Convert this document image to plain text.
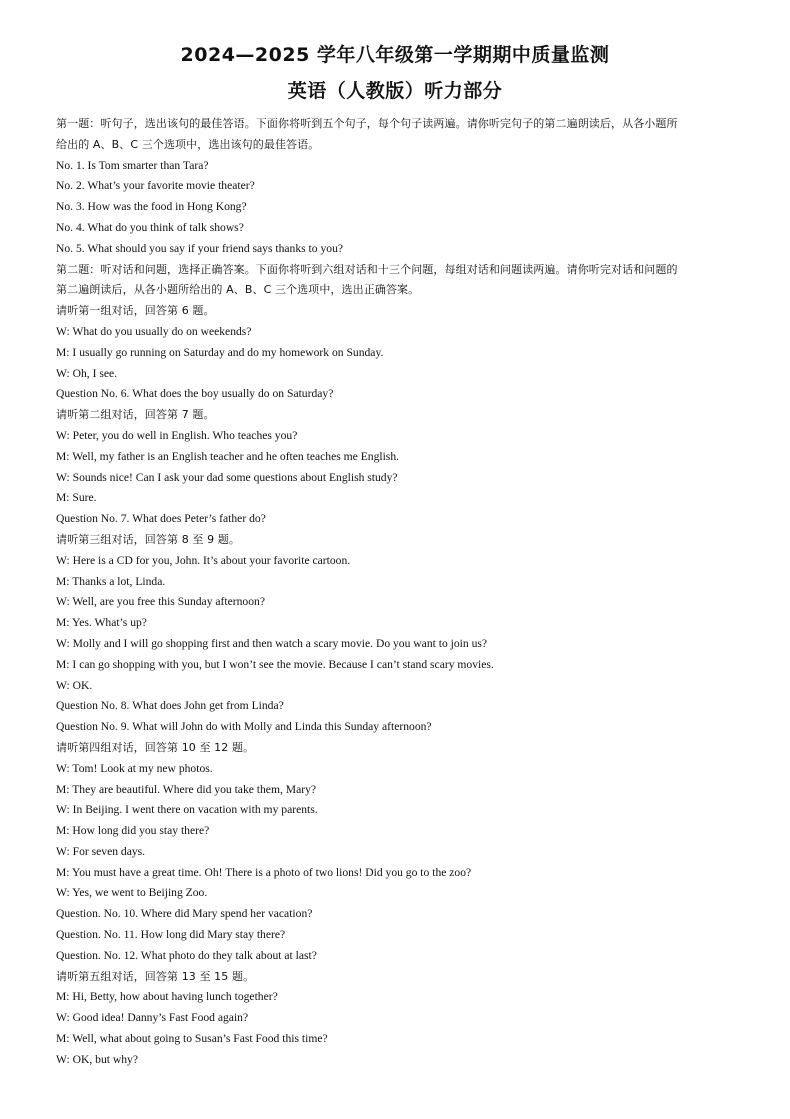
2024—2025 学年八年级第一学期期中质量监测
英语（人教版）听力部分
第一题：听句子，选出该句的最佳答语。下面你将听到五个句子，每个句子读两遍。请你听完句子的第二遍朗读后，从各小题所
给出的 A、B、C 三个选项中，选出该句的最佳答语。
No. 1. Is Tom smarter than Tara?
No. 2. What’s your favorite movie theater?
No. 3. How was the food in Hong Kong?
No. 4. What do you think of talk shows?
No. 5. What should you say if your friend says thanks to you?
第二题：听对话和问题，选择正确答案。下面你将听到六组对话和十三个问题，每组对话和问题读两遍。请你听完对话和问题的
第二遍朗读后，从各小题所给出的 A、B、C 三个选项中，选出正确答案。
请听第一组对话，回答第 6 题。
W: What do you usually do on weekends?
M: I usually go running on Saturday and do my homework on Sunday.
W: Oh, I see.
Question No. 6. What does the boy usually do on Saturday?
请听第二组对话，回答第 7 题。
W: Peter, you do well in English. Who teaches you?
M: Well, my father is an English teacher and he often teaches me English.
W: Sounds nice! Can I ask your dad some questions about English study?
M: Sure.
Question No. 7. What does Peter’s father do?
请听第三组对话，回答第 8 至 9 题。
W: Here is a CD for you, John. It’s about your favorite cartoon.
M: Thanks a lot, Linda.
W: Well, are you free this Sunday afternoon?
M: Yes. What’s up?
W: Molly and I will go shopping first and then watch a scary movie. Do you want to join us?
M: I can go shopping with you, but I won’t see the movie. Because I can’t stand scary movies.
W: OK.
Question No. 8. What does John get from Linda?
Question No. 9. What will John do with Molly and Linda this Sunday afternoon?
请听第四组对话，回答第 10 至 12 题。
W: Tom! Look at my new photos.
M: They are beautiful. Where did you take them, Mary?
W: In Beijing. I went there on vacation with my parents.
M: How long did you stay there?
W: For seven days.
M: You must have a great time. Oh! There is a photo of two lions! Did you go to the zoo?
W: Yes, we went to Beijing Zoo.
Question. No. 10. Where did Mary spend her vacation?
Question. No. 11. How long did Mary stay there?
Question. No. 12. What photo do they talk about at last?
请听第五组对话，回答第 13 至 15 题。
M: Hi, Betty, how about having lunch together?
W: Good idea! Danny’s Fast Food again?
M: Well, what about going to Susan’s Fast Food this time?
W: OK, but why?
